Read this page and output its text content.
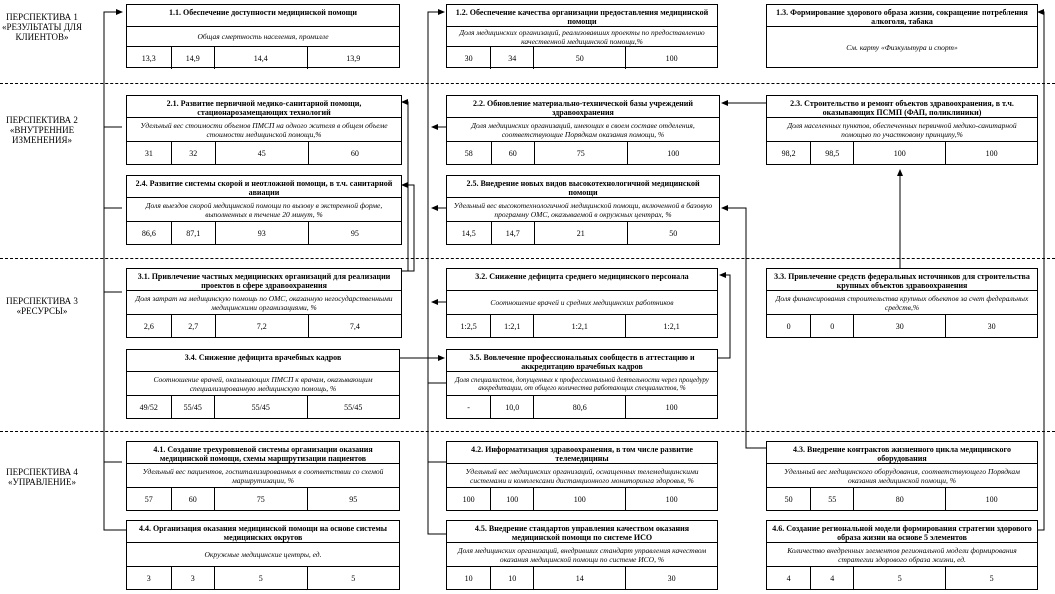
ПЕРСПЕКТИВА 1 «РЕЗУЛЬТАТЫ ДЛЯ КЛИЕНТОВ»
ПЕРСПЕКТИВА 2 «ВНУТРЕННИЕ ИЗМЕНЕНИЯ»
ПЕРСПЕКТИВА 3 «РЕСУРСЫ»
ПЕРСПЕКТИВА 4 «УПРАВЛЕНИЕ»
1.1. Обеспечение доступности медицинской помощи
Общая смертность населения, промилле
13,3	14,9	14,4	13,9
1.2. Обеспечение качества организации предоставления медицинской помощи
Доля медицинских организаций, реализовавших проекты по предоставлению качественной медицинской помощи,%
30	34	50	100
1.3. Формирование здорового образа жизни, сокращение потребления алкоголя, табака
См. карту «Физкультура и спорт»
2.1. Развитие первичной медико-санитарной помощи, стационарозамещающих технологий
Удельный вес стоимости объемов ПМСП на одного жителя в общем объеме стоимости медицинской помощи,%
31	32	45	60
2.2. Обновление материально-технической базы учреждений здравоохранения
Доля медицинских организаций, имеющих в своем составе отделения, соответствующие Порядкам оказания помощи, %
58	60	75	100
2.3. Строительство и ремонт объектов здравоохранения, в т.ч. оказывающих ПСМП (ФАП, поликлиники)
Доля населенных пунктов, обеспеченных первичной медико-санитарной помощью по участковому принципу,%
98,2	98,5	100	100
2.4. Развитие системы скорой и неотложной помощи, в т.ч. санитарной авиации
Доля выездов скорой медицинской помощи по вызову в экстренной форме, выполненных в течение 20 минут, %
86,6	87,1	93	95
2.5. Внедрение новых видов высокотехнологичной медицинской помощи
Удельный вес высокотехнологичной медицинской помощи, включенной в базовую программу ОМС, оказываемой в окружных центрах, %
14,5	14,7	21	50
3.1. Привлечение частных медицинских организаций для реализации проектов в сфере здравоохранения
Доля затрат на медицинскую помощь по ОМС, оказанную негосударственными медицинскими организациями, %
2,6	2,7	7,2	7,4
3.2. Снижение дефицита среднего медицинского персонала
Соотношение врачей и средних медицинских работников
1:2,5	1:2,1	1:2,1	1:2,1
3.3. Привлечение средств федеральных источников для строительства крупных объектов здравоохранения
Доля финансирования строительства крупных объектов за счет федеральных средств,%
0	0	30	30
3.4. Снижение дефицита врачебных кадров
Соотношение врачей, оказывающих ПМСП к врачам, оказывающим специализированную медицинскую помощь, %
49/52	55/45	55/45	55/45
3.5. Вовлечение профессиональных сообществ в аттестацию и аккредитацию врачебных кадров
Доля специалистов, допущенных к профессиональной деятельности через процедуру аккредитации, от общего количества работающих специалистов, %
-	10,0	80,6	100
4.1. Создание трехуровневой системы организации оказания медицинской помощи, схемы маршрутизации пациентов
Удельный вес пациентов, госпитализированных в соответствии со схемой маршрутизации, %
57	60	75	95
4.2. Информатизация здравоохранения, в том числе развитие телемедицины
Удельный вес медицинских организаций, оснащенных телемедицинскими системами и комплексами дистанционного мониторинга здоровья, %
100	100	100	100
4.3. Внедрение контрактов жизненного цикла медицинского оборудования
Удельный вес медицинского оборудования, соответствующего Порядкам оказания медицинской помощи, %
50	55	80	100
4.4. Организация оказания медицинской помощи на основе системы медицинских округов
Окружные медицинские центры, ед.
3	3	5	5
4.5. Внедрение стандартов управления качеством оказания медицинской помощи по системе ИСО
Доля медицинских организаций, внедривших стандарт управления качеством оказания медицинской помощи по системе ИСО, %
10	10	14	30
4.6. Создание региональной модели формирования стратегии здорового образа жизни на основе 5 элементов
Количество внедренных элементов региональной модели формирования стратегии здорового образа жизни, ед.
4	4	5	5
